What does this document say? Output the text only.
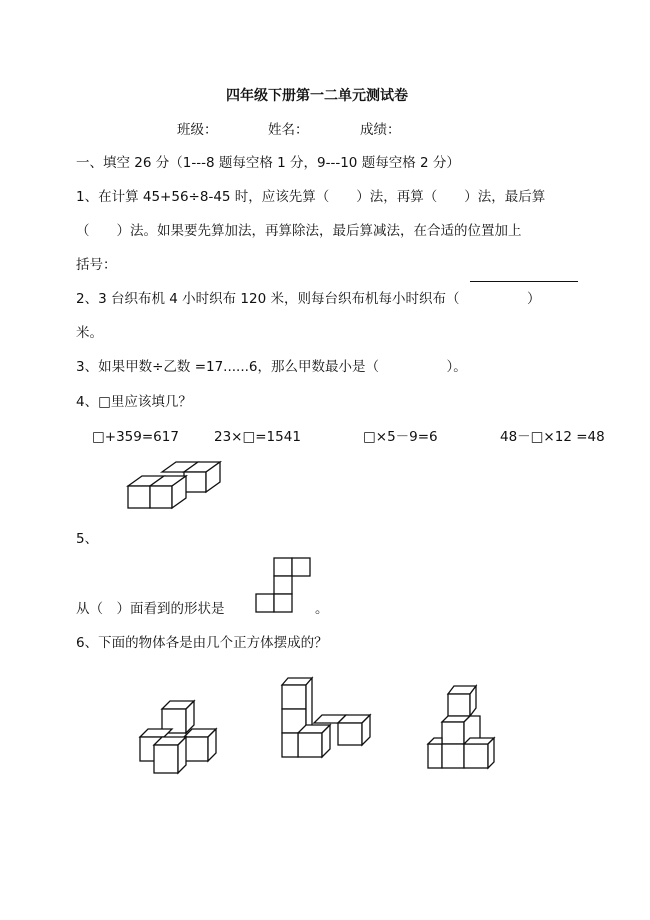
四年级下册第一二单元测试卷
班级：	姓名：	成绩：
一、填空 26 分（1---8 题每空格 1 分，9---10 题每空格 2 分）
1、在计算 45+56÷8-45 时，应该先算（　　）法，再算（　　）法，最后算
（　　）法。如果要先算加法，再算除法，最后算减法，在合适的位置加上
括号：
2、3 台织布机 4 小时织布 120 米，则每台织布机每小时织布（　　　　　）
米。
3、如果甲数÷乙数 =17......6，那么甲数最小是（　　　　　）。
4、□里应该填几？
□+359=617	23×□=1541	□×5－9=6	48－□×12 =48
5、
从（　）面看到的形状是	。
6、下面的物体各是由几个正方体摆成的？
